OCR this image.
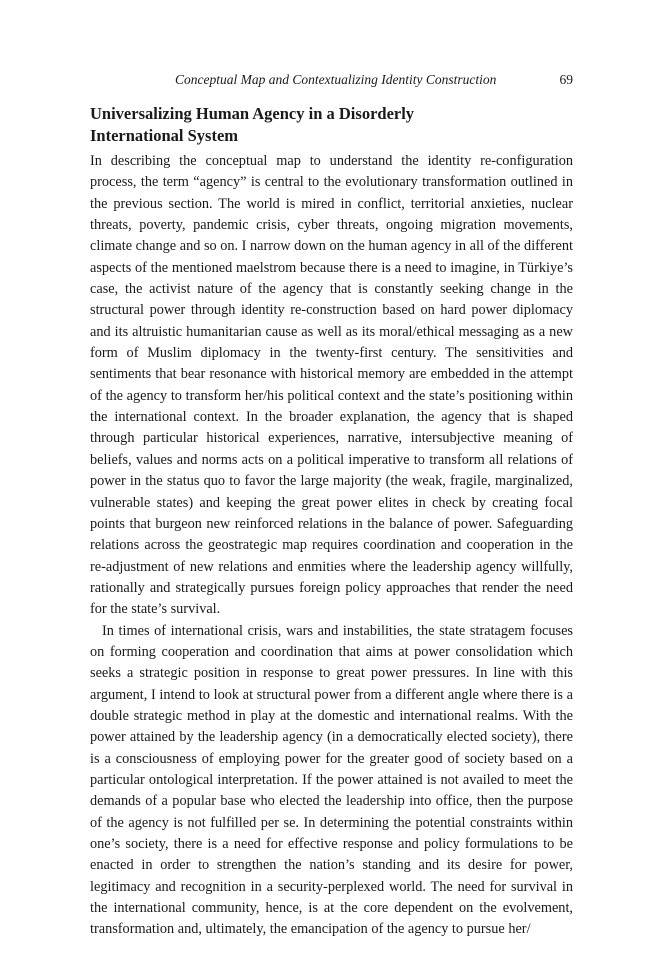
Conceptual Map and Contextualizing Identity Construction	69
Universalizing Human Agency in a Disorderly
International System

In describing the conceptual map to understand the identity re-configuration process, the term “agency” is central to the evolutionary transformation outlined in the previous section. The world is mired in conflict, territorial anxieties, nuclear threats, poverty, pandemic crisis, cyber threats, ongoing migration movements, climate change and so on. I narrow down on the human agency in all of the different aspects of the mentioned maelstrom because there is a need to imagine, in Türkiye’s case, the activist nature of the agency that is constantly seeking change in the structural power through identity re-construction based on hard power diplomacy and its altruistic humanitarian cause as well as its moral/ethical messaging as a new form of Muslim diplomacy in the twenty-first century. The sensitivities and sentiments that bear resonance with historical memory are embedded in the attempt of the agency to transform her/his political context and the state’s positioning within the international context. In the broader explanation, the agency that is shaped through particular historical experiences, narrative, intersubjective meaning of beliefs, values and norms acts on a political imperative to transform all relations of power in the status quo to favor the large majority (the weak, fragile, marginalized, vulnerable states) and keeping the great power elites in check by creating focal points that burgeon new reinforced relations in the balance of power. Safeguarding relations across the geostrategic map requires coordination and cooperation in the re-adjustment of new relations and enmities where the leadership agency willfully, rationally and strategically pursues foreign policy approaches that render the need for the state’s survival.

In times of international crisis, wars and instabilities, the state stratagem focuses on forming cooperation and coordination that aims at power consolidation which seeks a strategic position in response to great power pressures. In line with this argument, I intend to look at structural power from a different angle where there is a double strategic method in play at the domestic and international realms. With the power attained by the leadership agency (in a democratically elected society), there is a consciousness of employing power for the greater good of society based on a particular ontological interpretation. If the power attained is not availed to meet the demands of a popular base who elected the leadership into office, then the purpose of the agency is not fulfilled per se. In determining the potential constraints within one’s society, there is a need for effective response and policy formulations to be enacted in order to strengthen the nation’s standing and its desire for power, legitimacy and recognition in a security-perplexed world. The need for survival in the international community, hence, is at the core dependent on the evolvement, transformation and, ultimately, the emancipation of the agency to pursue her/
